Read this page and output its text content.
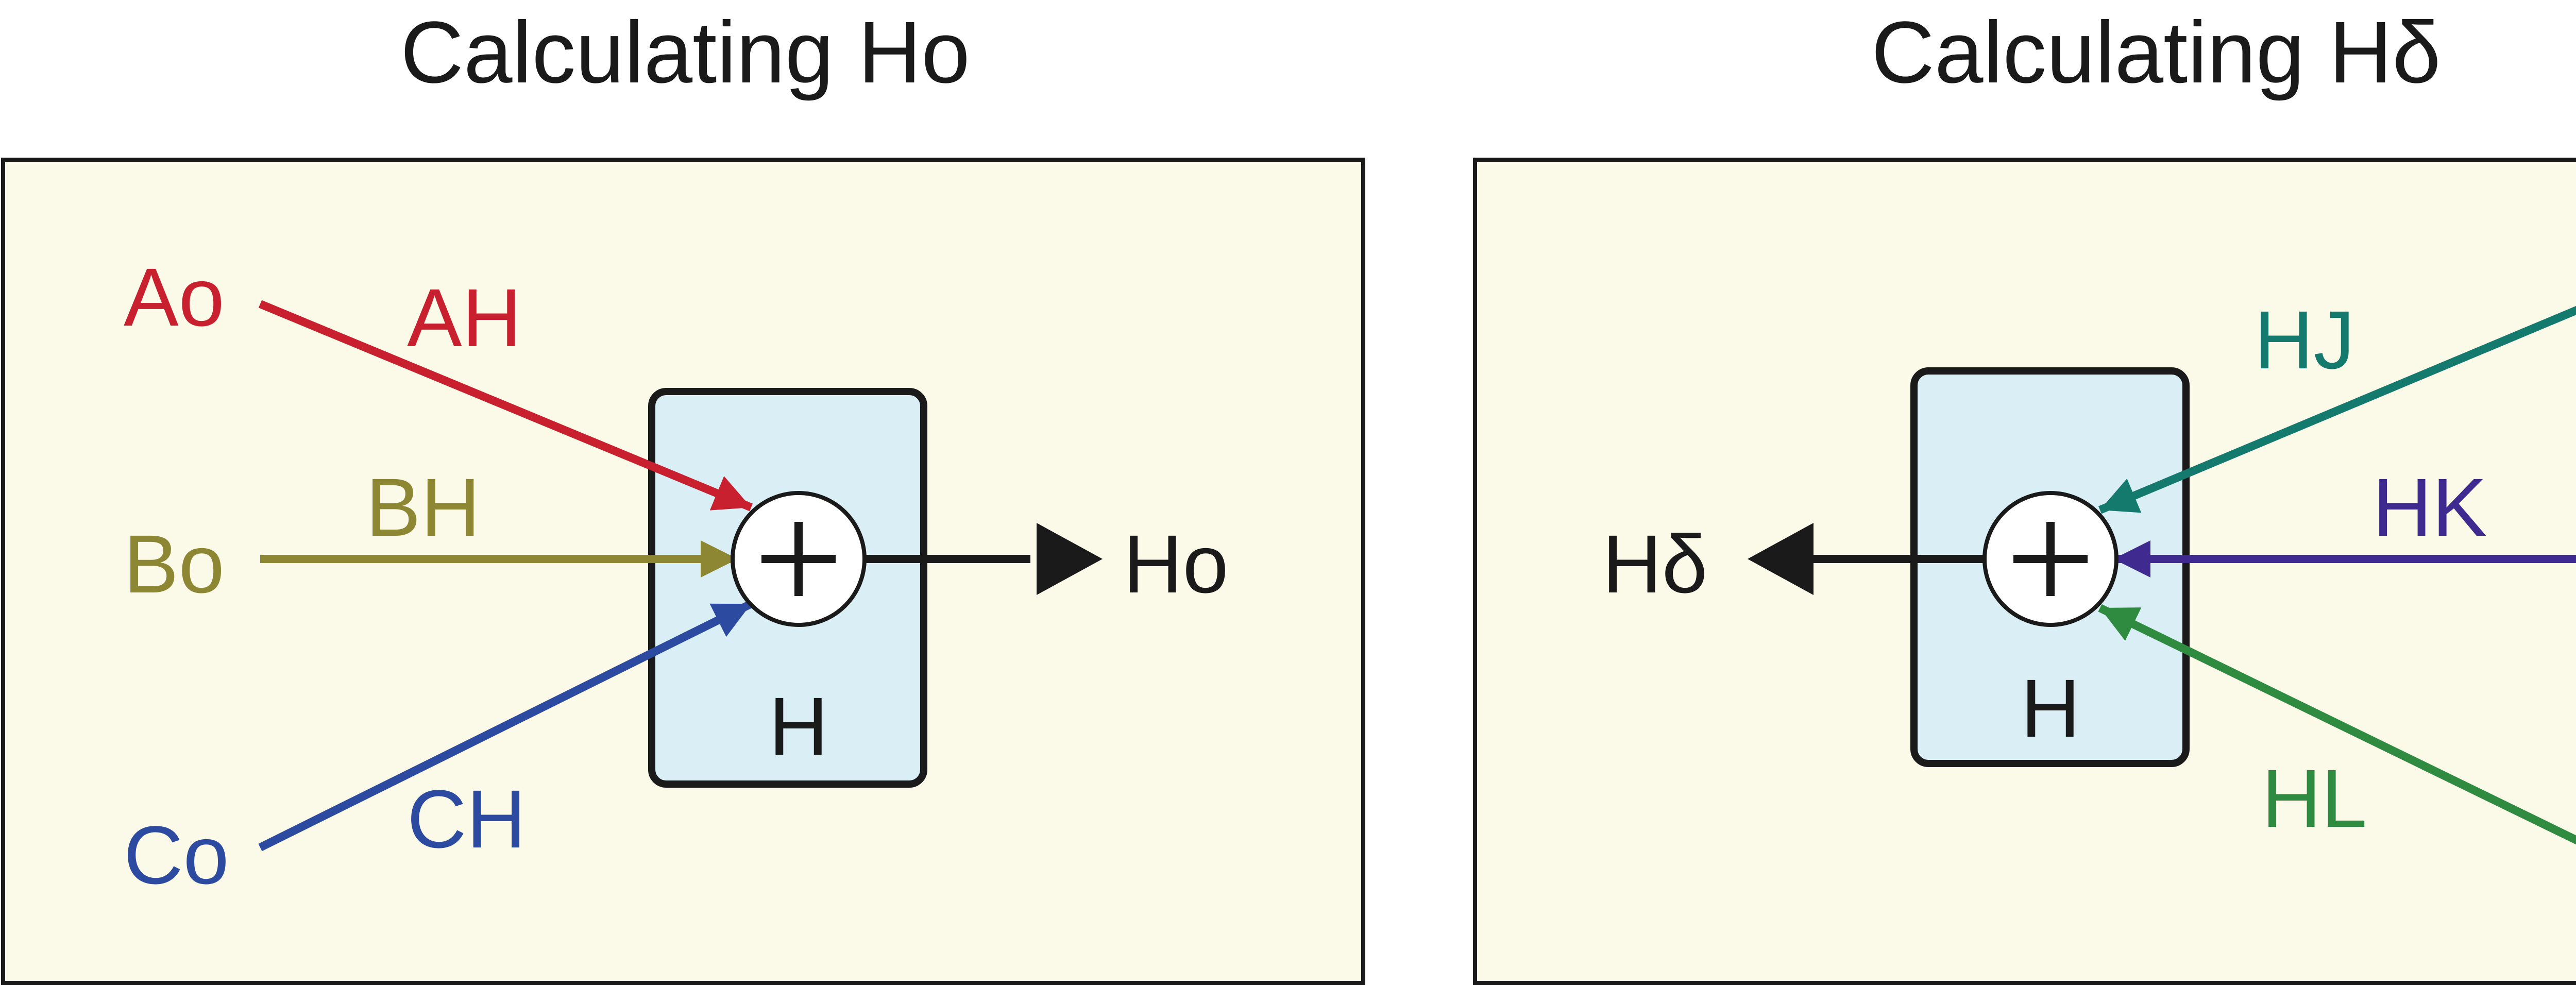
Calculating Ho
Ao AH
Bo
BH
Co CH
H
Ho
Calculating Hδ
HJ
HK
HL
H
Hδ
